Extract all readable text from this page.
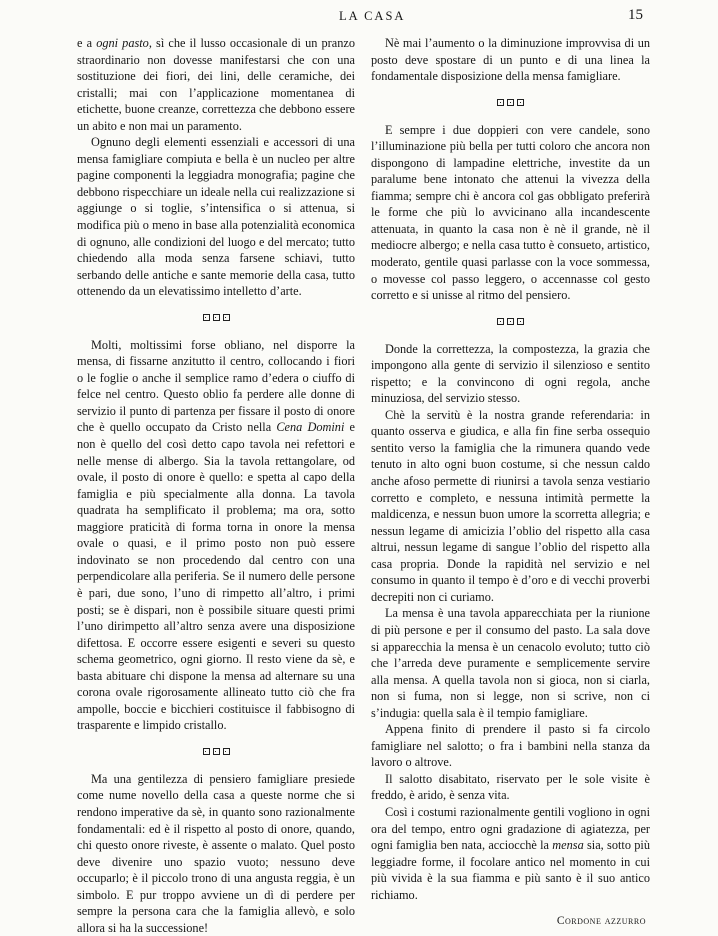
LA CASA	15

e a ogni pasto, sì che il lusso occasionale di un pranzo straordinario non dovesse manifestarsi che con una sostituzione dei fiori, dei lini, delle ceramiche, dei cristalli; mai con l’applicazione momentanea di etichette, buone creanze, correttezza che debbono essere un abito e non mai un paramento.

Ognuno degli elementi essenziali e accessori di una mensa famigliare compiuta e bella è un nucleo per altre pagine componenti la leggiadra monografia; pagine che debbono rispecchiare un ideale nella cui realizzazione si aggiunge o si toglie, s’intensifica o si attenua, si modifica più o meno in base alla potenzialità economica di ognuno, alle condizioni del luogo e del mercato; tutto chiedendo alla moda senza farsene schiavi, tutto serbando delle antiche e sante memorie della casa, tutto ottenendo da un elevatissimo intelletto d’arte.

Molti, moltissimi forse obliano, nel disporre la mensa, di fissarne anzitutto il centro, collocando i fiori o le foglie o anche il semplice ramo d’edera o ciuffo di felce nel centro. Questo oblio fa perdere alle donne di servizio il punto di partenza per fissare il posto di onore che è quello occupato da Cristo nella Cena Domini e non è quello del così detto capo tavola nei refettori e nelle mense di albergo. Sia la tavola rettangolare, od ovale, il posto di onore è quello: e spetta al capo della famiglia e più specialmente alla donna. La tavola quadrata ha semplificato il problema; ma ora, sotto maggiore praticità di forma torna in onore la mensa ovale o quasi, e il primo posto non può essere indovinato se non procedendo dal centro con una perpendicolare alla periferia. Se il numero delle persone è pari, due sono, l’uno di rimpetto all’altro, i primi posti; se è dispari, non è possibile situare questi primi l’uno dirimpetto all’altro senza avere una disposizione difettosa. E occorre essere esigenti e severi su questo schema geometrico, ogni giorno. Il resto viene da sè, e basta abituare chi dispone la mensa ad alternare su una corona ovale rigorosamente allineato tutto ciò che fra ampolle, boccie e bicchieri costituisce il fabbisogno di trasparente e limpido cristallo.

Ma una gentilezza di pensiero famigliare presiede come nume novello della casa a queste norme che si rendono imperative da sè, in quanto sono razionalmente fondamentali: ed è il rispetto al posto di onore, quando, chi questo onore riveste, è assente o malato. Quel posto deve divenire uno spazio vuoto; nessuno deve occuparlo; è il piccolo trono di una angusta reggia, è un simbolo. E pur troppo avviene un dì di perdere per sempre la persona cara che la famiglia allevò, e solo allora si ha la successione!

Nè mai l’aumento o la diminuzione improvvisa di un posto deve spostare di un punto e di una linea la fondamentale disposizione della mensa famigliare.

E sempre i due doppieri con vere candele, sono l’illuminazione più bella per tutti coloro che ancora non dispongono di lampadine elettriche, investite da un paralume bene intonato che attenui la vivezza della fiamma; sempre chi è ancora col gas obbligato preferirà le forme che più lo avvicinano alla incandescente attenuata, in quanto la casa non è nè il grande, nè il mediocre albergo; e nella casa tutto è consueto, artistico, moderato, gentile quasi parlasse con la voce sommessa, o movesse col passo leggero, o accennasse col gesto corretto e si unisse al ritmo del pensiero.

Donde la correttezza, la compostezza, la grazia che impongono alla gente di servizio il silenzioso e sentito rispetto; e la convincono di ogni regola, anche minuziosa, del servizio stesso.

Chè la servitù è la nostra grande referendaria: in quanto osserva e giudica, e alla fin fine serba ossequio sentito verso la famiglia che la rimunera quando vede tenuto in alto ogni buon costume, si che nessun caldo anche afoso permette di riunirsi a tavola senza vestiario corretto e completo, e nessuna intimità permette la maldicenza, e nessun buon umore la scorretta allegria; e nessun legame di amicizia l’oblio del rispetto alla casa altrui, nessun legame di sangue l’oblio del rispetto alla casa propria. Donde la rapidità nel servizio e nel consumo in quanto il tempo è d’oro e di vecchi proverbi decrepiti non ci curiamo.

La mensa è una tavola apparecchiata per la riunione di più persone e per il consumo del pasto. La sala dove si apparecchia la mensa è un cenacolo evoluto; tutto ciò che l’arreda deve puramente e semplicemente servire alla mensa. A quella tavola non si gioca, non si ciarla, non si fuma, non si legge, non si scrive, non ci s’indugia: quella sala è il tempio famigliare.

Appena finito di prendere il pasto si fa circolo famigliare nel salotto; o fra i bambini nella stanza da lavoro o altrove.

Il salotto disabitato, riservato per le sole visite è freddo, è arido, è senza vita.

Così i costumi razionalmente gentili vogliono in ogni ora del tempo, entro ogni gradazione di agiatezza, per ogni famiglia ben nata, acciocchè la mensa sia, sotto più leggiadre forme, il focolare antico nel momento in cui più vivida è la sua fiamma e più santo è il suo antico richiamo.

Cordone azzurro
